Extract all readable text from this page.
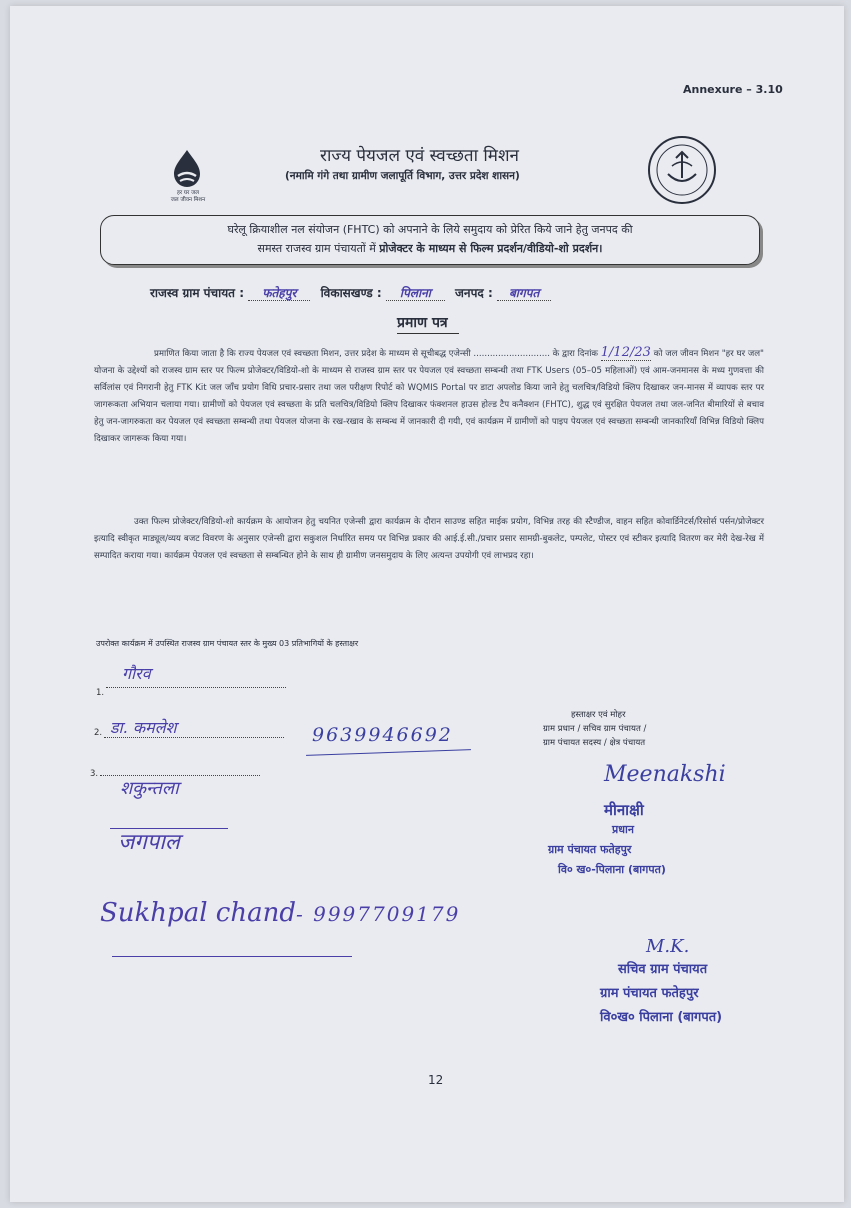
Annexure – 3.10
हर घर जल
जल जीवन मिशन
राज्य पेयजल एवं स्वच्छता मिशन
(नमामि गंगे तथा ग्रामीण जलापूर्ति विभाग, उत्तर प्रदेश शासन)
घरेलू क्रियाशील नल संयोजन (FHTC) को अपनाने के लिये समुदाय को प्रेरित किये जाने हेतु जनपद की
समस्त राजस्व ग्राम पंचायतों में प्रोजेक्टर के माध्यम से फिल्म प्रदर्शन/वीडियो-शो प्रदर्शन।
राजस्व ग्राम पंचायत : फतेहपुर विकासखण्ड : पिलाना जनपद : बागपत
प्रमाण पत्र
प्रमाणित किया जाता है कि राज्य पेयजल एवं स्वच्छता मिशन, उत्तर प्रदेश के माध्यम से सूचीबद्ध एजेन्सी ............................ के द्वारा दिनांक 1/12/23 को जल जीवन मिशन "हर घर जल" योजना के उद्देश्यों को राजस्व ग्राम स्तर पर फिल्म प्रोजेक्टर/विडियो-शो के माध्यम से राजस्व ग्राम स्तर पर पेयजल एवं स्वच्छता सम्बन्धी तथा FTK Users (05–05 महिलाओं) एवं आम-जनमानस के मध्य गुणवत्ता की सर्विलांस एवं निगरानी हेतु FTK Kit जल जाँच प्रयोग विधि प्रचार-प्रसार तथा जल परीक्षण रिपोर्ट को WQMIS Portal पर डाटा अपलोड किया जाने हेतु चलचित्र/विडियो क्लिप दिखाकर जन-मानस में व्यापक स्तर पर जागरूकता अभियान चलाया गया। ग्रामीणों को पेयजल एवं स्वच्छता के प्रति चलचित्र/विडियो क्लिप दिखाकर फंक्शनल हाउस होल्ड टैप कनैक्शन (FHTC), शुद्ध एवं सुरक्षित पेयजल तथा जल-जनित बीमारियों से बचाव हेतु जन-जागरुकता कर पेयजल एवं स्वच्छता सम्बन्धी तथा पेयजल योजना के रख-रखाव के सम्बन्ध में जानकारी दी गयी, एवं कार्यक्रम में ग्रामीणों को पाइप पेयजल एवं स्वच्छता सम्बन्धी जानकारियाँ विभिन्न विडियो क्लिप दिखाकर जागरूक किया गया।
उक्त फिल्म प्रोजेक्टर/विडियो-शो कार्यक्रम के आयोजन हेतु चयनित एजेन्सी द्वारा कार्यक्रम के दौरान साउण्ड सहित माईक प्रयोग, विभिन्न तरह की स्टैण्डीज, वाहन सहित कोवार्डिनेटर्स/रिसोर्स पर्सन/प्रोजेक्टर इत्यादि स्वीकृत माड्यूल/व्यय बजट विवरण के अनुसार एजेन्सी द्वारा सकुशल निर्धारित समय पर विभिन्न प्रकार की आई.ई.सी./प्रचार प्रसार सामग्री-बुकलेट, पम्पलेट, पोस्टर एवं स्टीकर इत्यादि वितरण कर मेरी देख-रेख में सम्पादित कराया गया। कार्यक्रम पेयजल एवं स्वच्छता से सम्बन्धित होने के साथ ही ग्रामीण जनसमुदाय के लिए अत्यन्त उपयोगी एवं लाभप्रद रहा।
उपरोक्त कार्यक्रम में उपस्थित राजस्व ग्राम पंचायत स्तर के मुख्य 03 प्रतिभागियों के हस्ताक्षर
1.
गौरव
2. डा. कमलेश	9639946692
3.
शकुन्तला
जगपाल
Sukhpal chand- 9997709179
हस्ताक्षर एवं मोहर
ग्राम प्रधान / सचिव ग्राम पंचायत /
ग्राम पंचायत सदस्य / क्षेत्र पंचायत
Meenakshi
मीनाक्षी
प्रधान
ग्राम पंचायत फतेहपुर
वि० ख०-पिलाना (बागपत)
M.K.
सचिव ग्राम पंचायत
ग्राम पंचायत फतेहपुर
वि०ख० पिलाना (बागपत)
12
